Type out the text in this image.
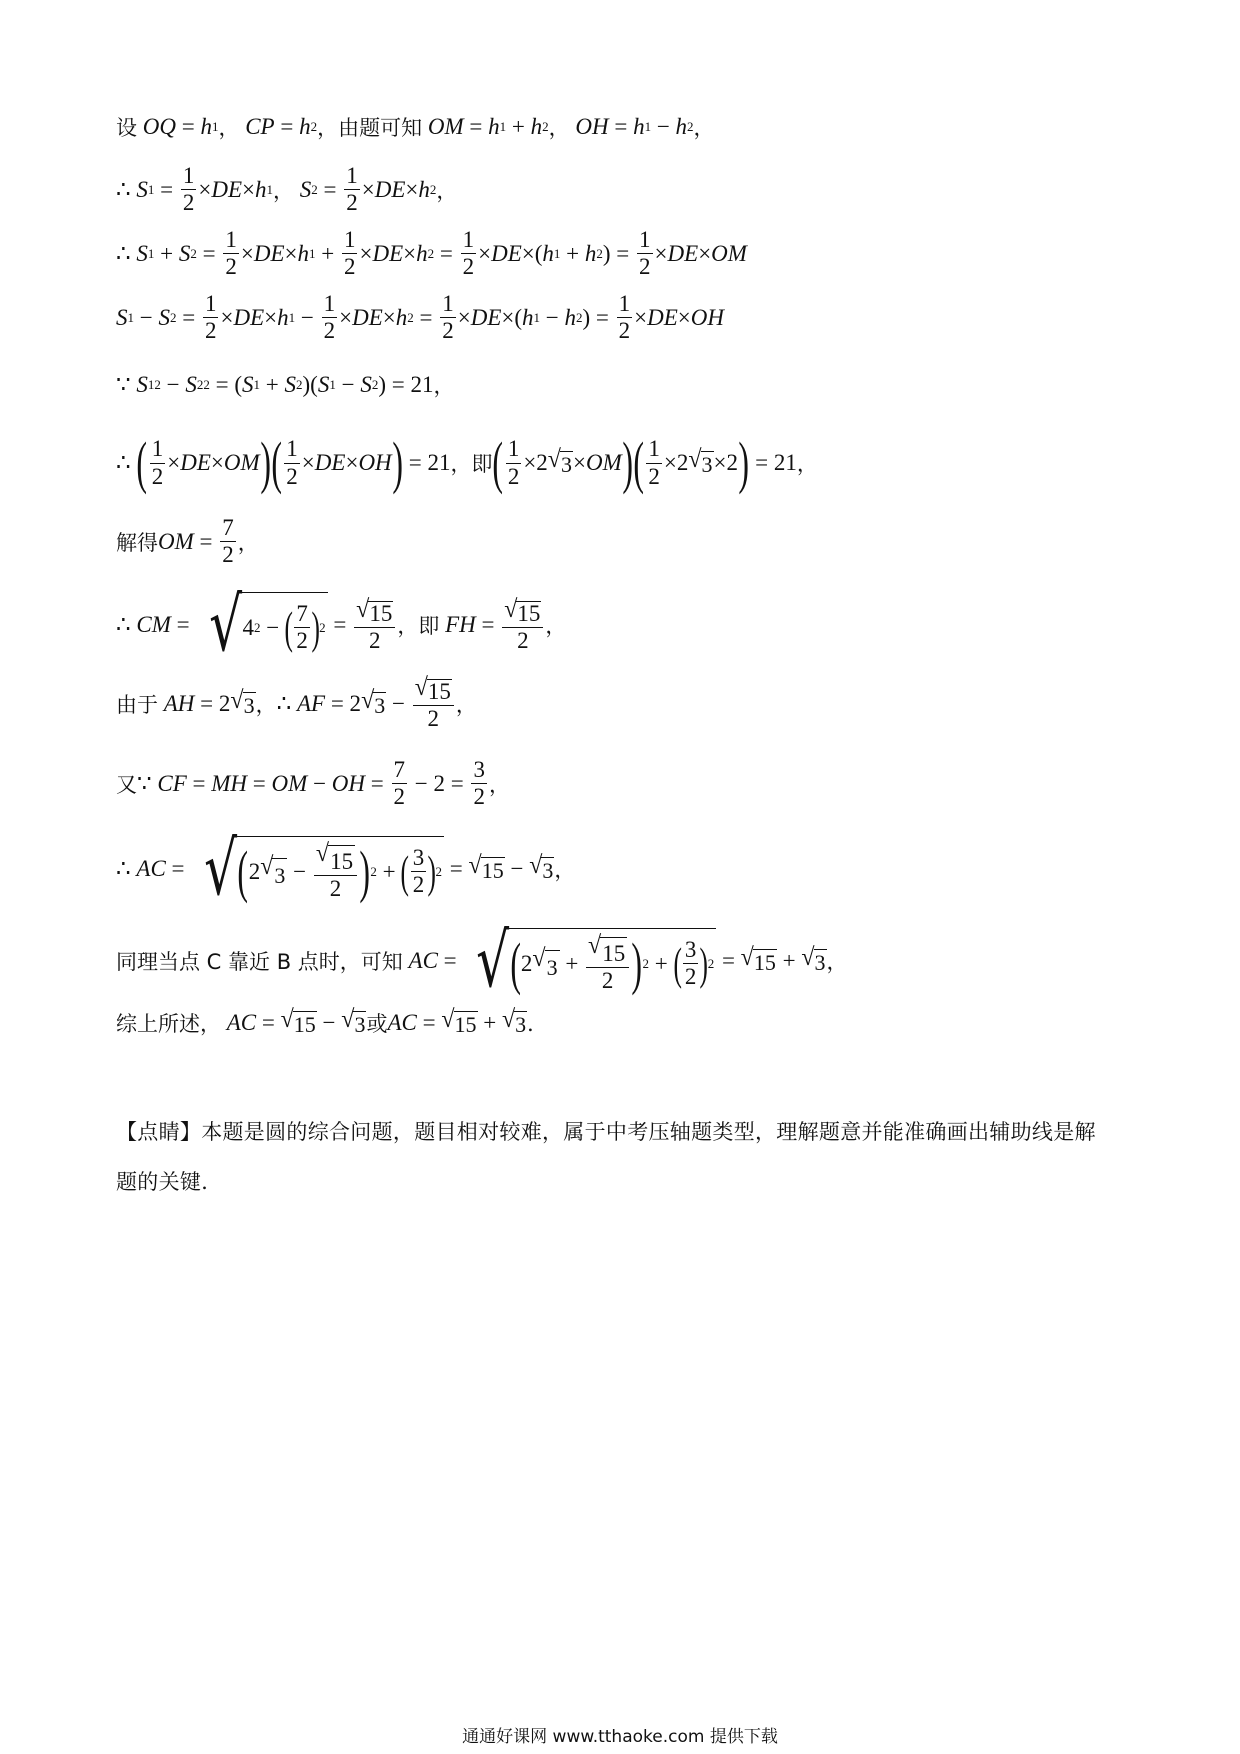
设 OQ = h 1 ， CP = h 2 ， 由题可知 OM = h 1 + h 2 ， OH = h 1 − h 2 ，
∴ S $1 = \frac{1}{2}$ × DE × h 1 ， S $2 = \frac{1}{2}$ × DE × h 2 ，
∴ S 1 + S $2 = \frac{1}{2}$ × DE × h $1 + \frac{1}{2}$ × DE × h $2 = \frac{1}{2}$ × DE ×( h 1 + h 2 ) = $\frac{1}{2}$ × DE × OM
S 1 − S $2 = \frac{1}{2}$ × DE × h $1 - \frac{1}{2}$ × DE × h $2 = \frac{1}{2}$ × DE ×( h 1 − h 2 ) = $\frac{1}{2}$ × DE × OH
∵ S 1 2 − S 2 2 = ( S 1 + S 2 )( S 1 − S 2 ) = 21 ，
∴ ( $\frac{1}{2}$ × DE × OM ) ( $\frac{1}{2}$ × DE × OH ) = 21 ， 即 ( $\frac{1}{2} \times 2$ √ 3 × OM ) ( $\frac{1}{2} \times 2$ √ 3 ×2 ) = 21 ，
解得 OM = $\frac{7}{2}$ ，
∴ CM = √ 4 2 − ( $\frac{7}{2}$ ) $2 = \frac{√ 15}{2}$ ， 即 FH = $\frac{√ 15}{2}$ ，
由于 AH = 2 √ 3 ， ∴ AF = 2 √ $3 - \frac{√ 15}{2}$ ，
又 ∵ CF = MH = OM − OH = $\frac{7}{2} - 2 = \frac{3}{2}$ ，
∴ AC = √ ( 2 √ $3 - \frac{√ 15}{2}$ ) 2 + ( $\frac{3}{2}$ ) 2 = √ 15 − √ 3 ，
同理当点 C 靠近 B 点时，可知 AC = √ ( 2 √ $3 + \frac{√ 15}{2}$ ) 2 + ( $\frac{3}{2}$ ) 2 = √ 15 + √ 3 ，
综上所述， AC = √ 15 − √ 3 或 AC = √ 15 + √ 3 ．
【点睛】本题是圆的综合问题，题目相对较难，属于中考压轴题类型，理解题意并能准确画出辅助线是解
题的关键．
通通好课网 www.tthaoke.com 提供下载
